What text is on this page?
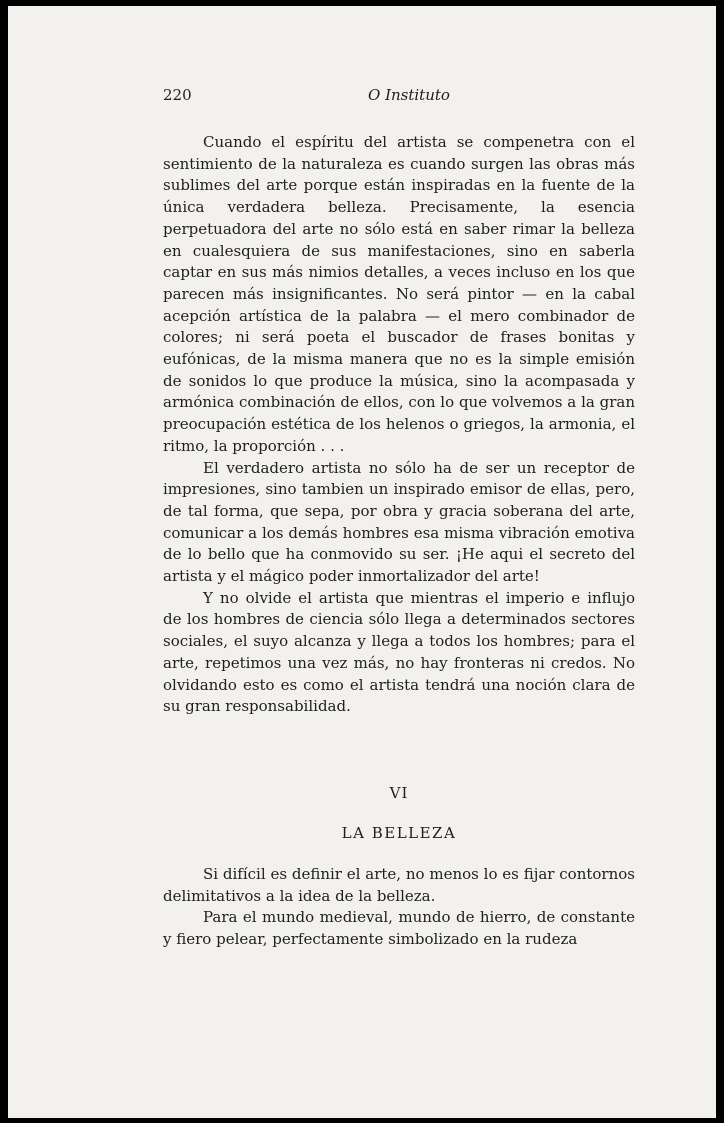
220	O Instituto

Cuando el espíritu del artista se compenetra con el sentimiento de la naturaleza es cuando surgen las obras más sublimes del arte porque están inspiradas en la fuente de la única verdadera belleza. Precisamente, la esencia perpetuadora del arte no sólo está en saber rimar la belleza en cualesquiera de sus manifestaciones, sino en saberla captar en sus más nimios detalles, a veces incluso en los que parecen más insignificantes. No será pintor — en la cabal acepción artística de la palabra — el mero combinador de colores; ni será poeta el buscador de frases bonitas y eufónicas, de la misma manera que no es la simple emisión de sonidos lo que produce la música, sino la acompasada y armónica combinación de ellos, con lo que volvemos a la gran preocupación estética de los helenos o griegos, la armonia, el ritmo, la proporción . . .

El verdadero artista no sólo ha de ser un receptor de impresiones, sino tambien un inspirado emisor de ellas, pero, de tal forma, que sepa, por obra y gracia soberana del arte, comunicar a los demás hombres esa misma vibración emotiva de lo bello que ha conmovido su ser. ¡He aqui el secreto del artista y el mágico poder inmortalizador del arte!

Y no olvide el artista que mientras el imperio e influjo de los hombres de ciencia sólo llega a determinados sectores sociales, el suyo alcanza y llega a todos los hombres; para el arte, repetimos una vez más, no hay fronteras ni credos. No olvidando esto es como el artista tendrá una noción clara de su gran responsabilidad.

VI
LA BELLEZA

Si difícil es definir el arte, no menos lo es fijar contornos delimitativos a la idea de la belleza.

Para el mundo medieval, mundo de hierro, de constante y fiero pelear, perfectamente simbolizado en la rudeza
